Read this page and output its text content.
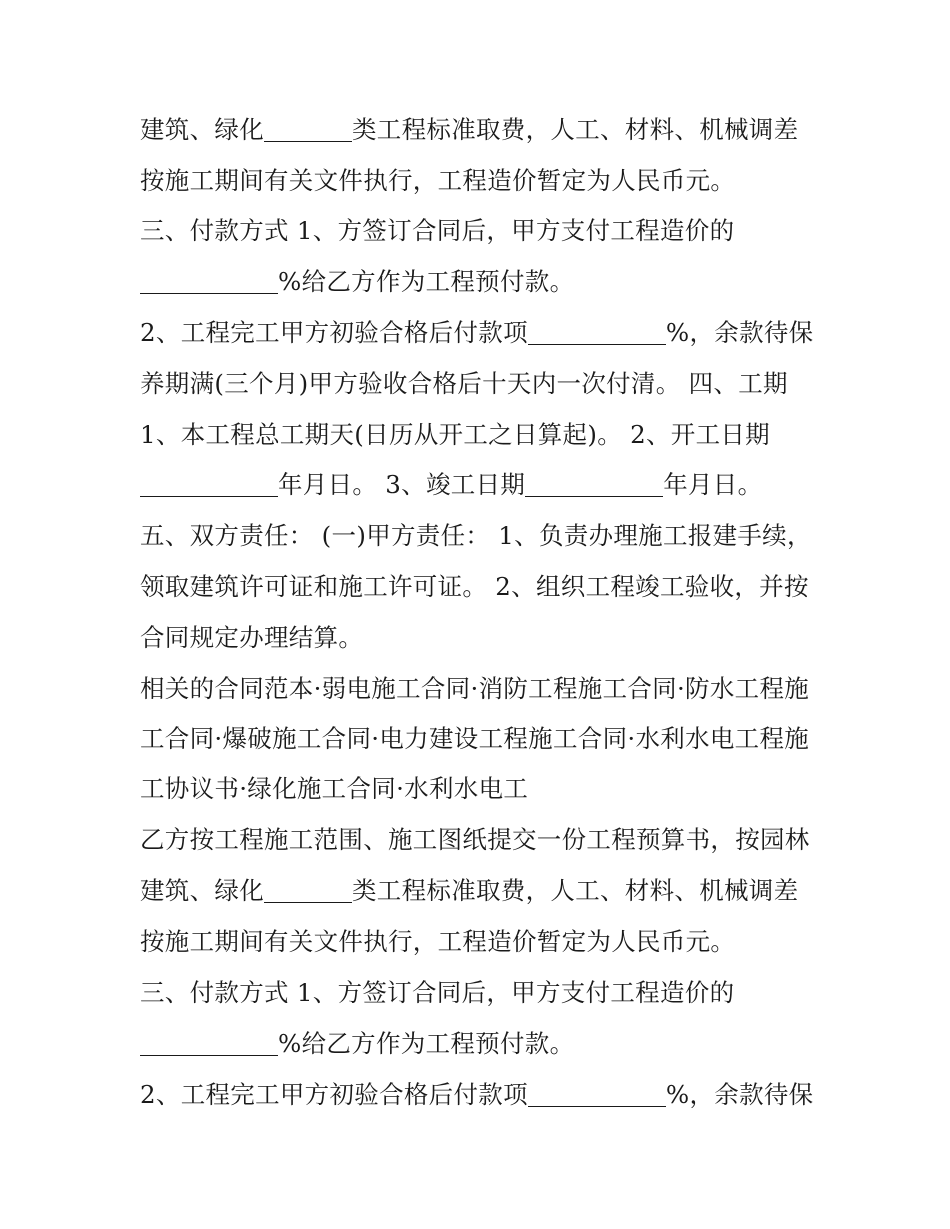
建筑、绿化	类工程标准取费，人工、材料、机械调差
按施工期间有关文件执行，工程造价暂定为人民币元。
三、付款方式 1、方签订合同后，甲方支付工程造价的
%给乙方作为工程预付款。
2、工程完工甲方初验合格后付款项	%，余款待保
养期满(三个月)甲方验收合格后十天内一次付清。 四、工期
1、本工程总工期天(日历从开工之日算起)。 2、开工日期
年月日。 3、竣工日期	年月日。
五、双方责任： (一)甲方责任： 1、负责办理施工报建手续，
领取建筑许可证和施工许可证。 2、组织工程竣工验收，并按
合同规定办理结算。
相关的合同范本·弱电施工合同·消防工程施工合同·防水工程施
工合同·爆破施工合同·电力建设工程施工合同·水利水电工程施
工协议书·绿化施工合同·水利水电工
乙方按工程施工范围、施工图纸提交一份工程预算书，按园林
建筑、绿化	类工程标准取费，人工、材料、机械调差
按施工期间有关文件执行，工程造价暂定为人民币元。
三、付款方式 1、方签订合同后，甲方支付工程造价的
%给乙方作为工程预付款。
2、工程完工甲方初验合格后付款项	%，余款待保
